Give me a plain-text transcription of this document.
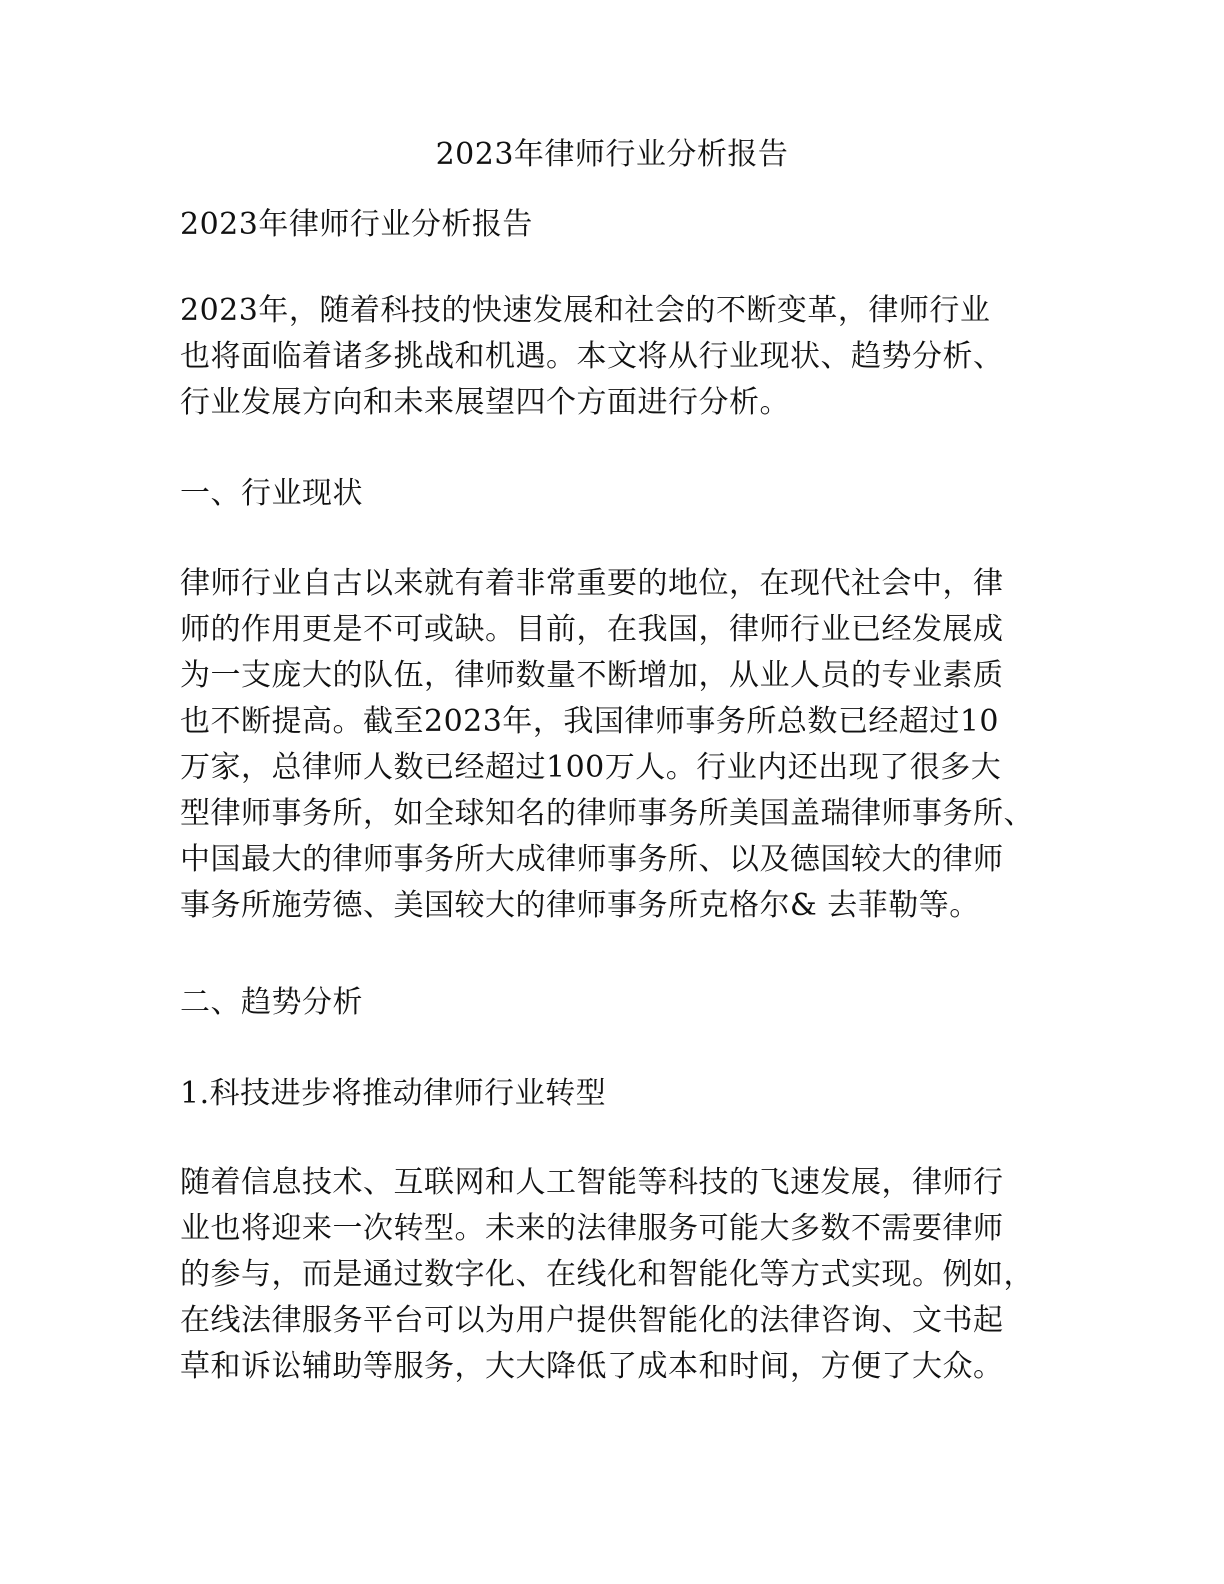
2023年律师行业分析报告
2023年律师行业分析报告
2023年，随着科技的快速发展和社会的不断变革，律师行业
也将面临着诸多挑战和机遇。本文将从行业现状、趋势分析、
行业发展方向和未来展望四个方面进行分析。
一、行业现状
律师行业自古以来就有着非常重要的地位，在现代社会中，律
师的作用更是不可或缺。目前，在我国，律师行业已经发展成
为一支庞大的队伍，律师数量不断增加，从业人员的专业素质
也不断提高。截至2023年，我国律师事务所总数已经超过10
万家，总律师人数已经超过100万人。行业内还出现了很多大
型律师事务所，如全球知名的律师事务所美国盖瑞律师事务所、
中国最大的律师事务所大成律师事务所、以及德国较大的律师
事务所施劳德、美国较大的律师事务所克格尔& 去菲勒等。
二、趋势分析
1.科技进步将推动律师行业转型
随着信息技术、互联网和人工智能等科技的飞速发展，律师行
业也将迎来一次转型。未来的法律服务可能大多数不需要律师
的参与，而是通过数字化、在线化和智能化等方式实现。例如，
在线法律服务平台可以为用户提供智能化的法律咨询、文书起
草和诉讼辅助等服务，大大降低了成本和时间，方便了大众。
